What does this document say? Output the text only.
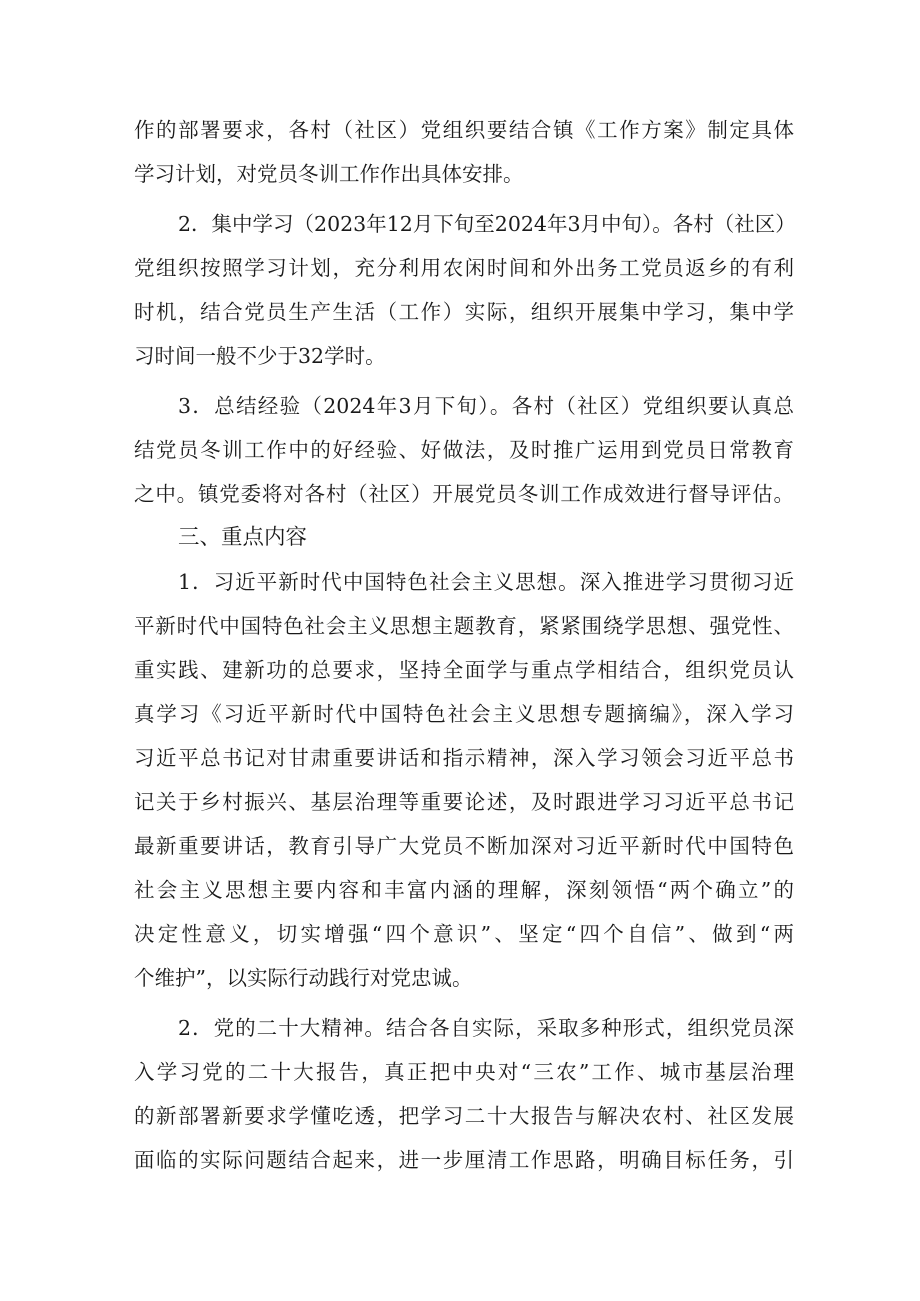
作的部署要求，各村（社区）党组织要结合镇《工作方案》制定具体
学习计划，对党员冬训工作作出具体安排。
2．集中学习（2023年12月下旬至2024年3月中旬）。各村（社区）
党组织按照学习计划，充分利用农闲时间和外出务工党员返乡的有利
时机，结合党员生产生活（工作）实际，组织开展集中学习，集中学
习时间一般不少于32学时。
3．总结经验（2024年3月下旬）。各村（社区）党组织要认真总
结党员冬训工作中的好经验、好做法，及时推广运用到党员日常教育
之中。镇党委将对各村（社区）开展党员冬训工作成效进行督导评估。
三、重点内容
1．习近平新时代中国特色社会主义思想。深入推进学习贯彻习近
平新时代中国特色社会主义思想主题教育，紧紧围绕学思想、强党性、
重实践、建新功的总要求，坚持全面学与重点学相结合，组织党员认
真学习《习近平新时代中国特色社会主义思想专题摘编》，深入学习
习近平总书记对甘肃重要讲话和指示精神，深入学习领会习近平总书
记关于乡村振兴、基层治理等重要论述，及时跟进学习习近平总书记
最新重要讲话，教育引导广大党员不断加深对习近平新时代中国特色
社会主义思想主要内容和丰富内涵的理解，深刻领悟“两个确立”的
决定性意义，切实增强“四个意识”、坚定“四个自信”、做到“两
个维护”，以实际行动践行对党忠诚。
2．党的二十大精神。结合各自实际，采取多种形式，组织党员深
入学习党的二十大报告，真正把中央对“三农”工作、城市基层治理
的新部署新要求学懂吃透，把学习二十大报告与解决农村、社区发展
面临的实际问题结合起来，进一步厘清工作思路，明确目标任务，引
